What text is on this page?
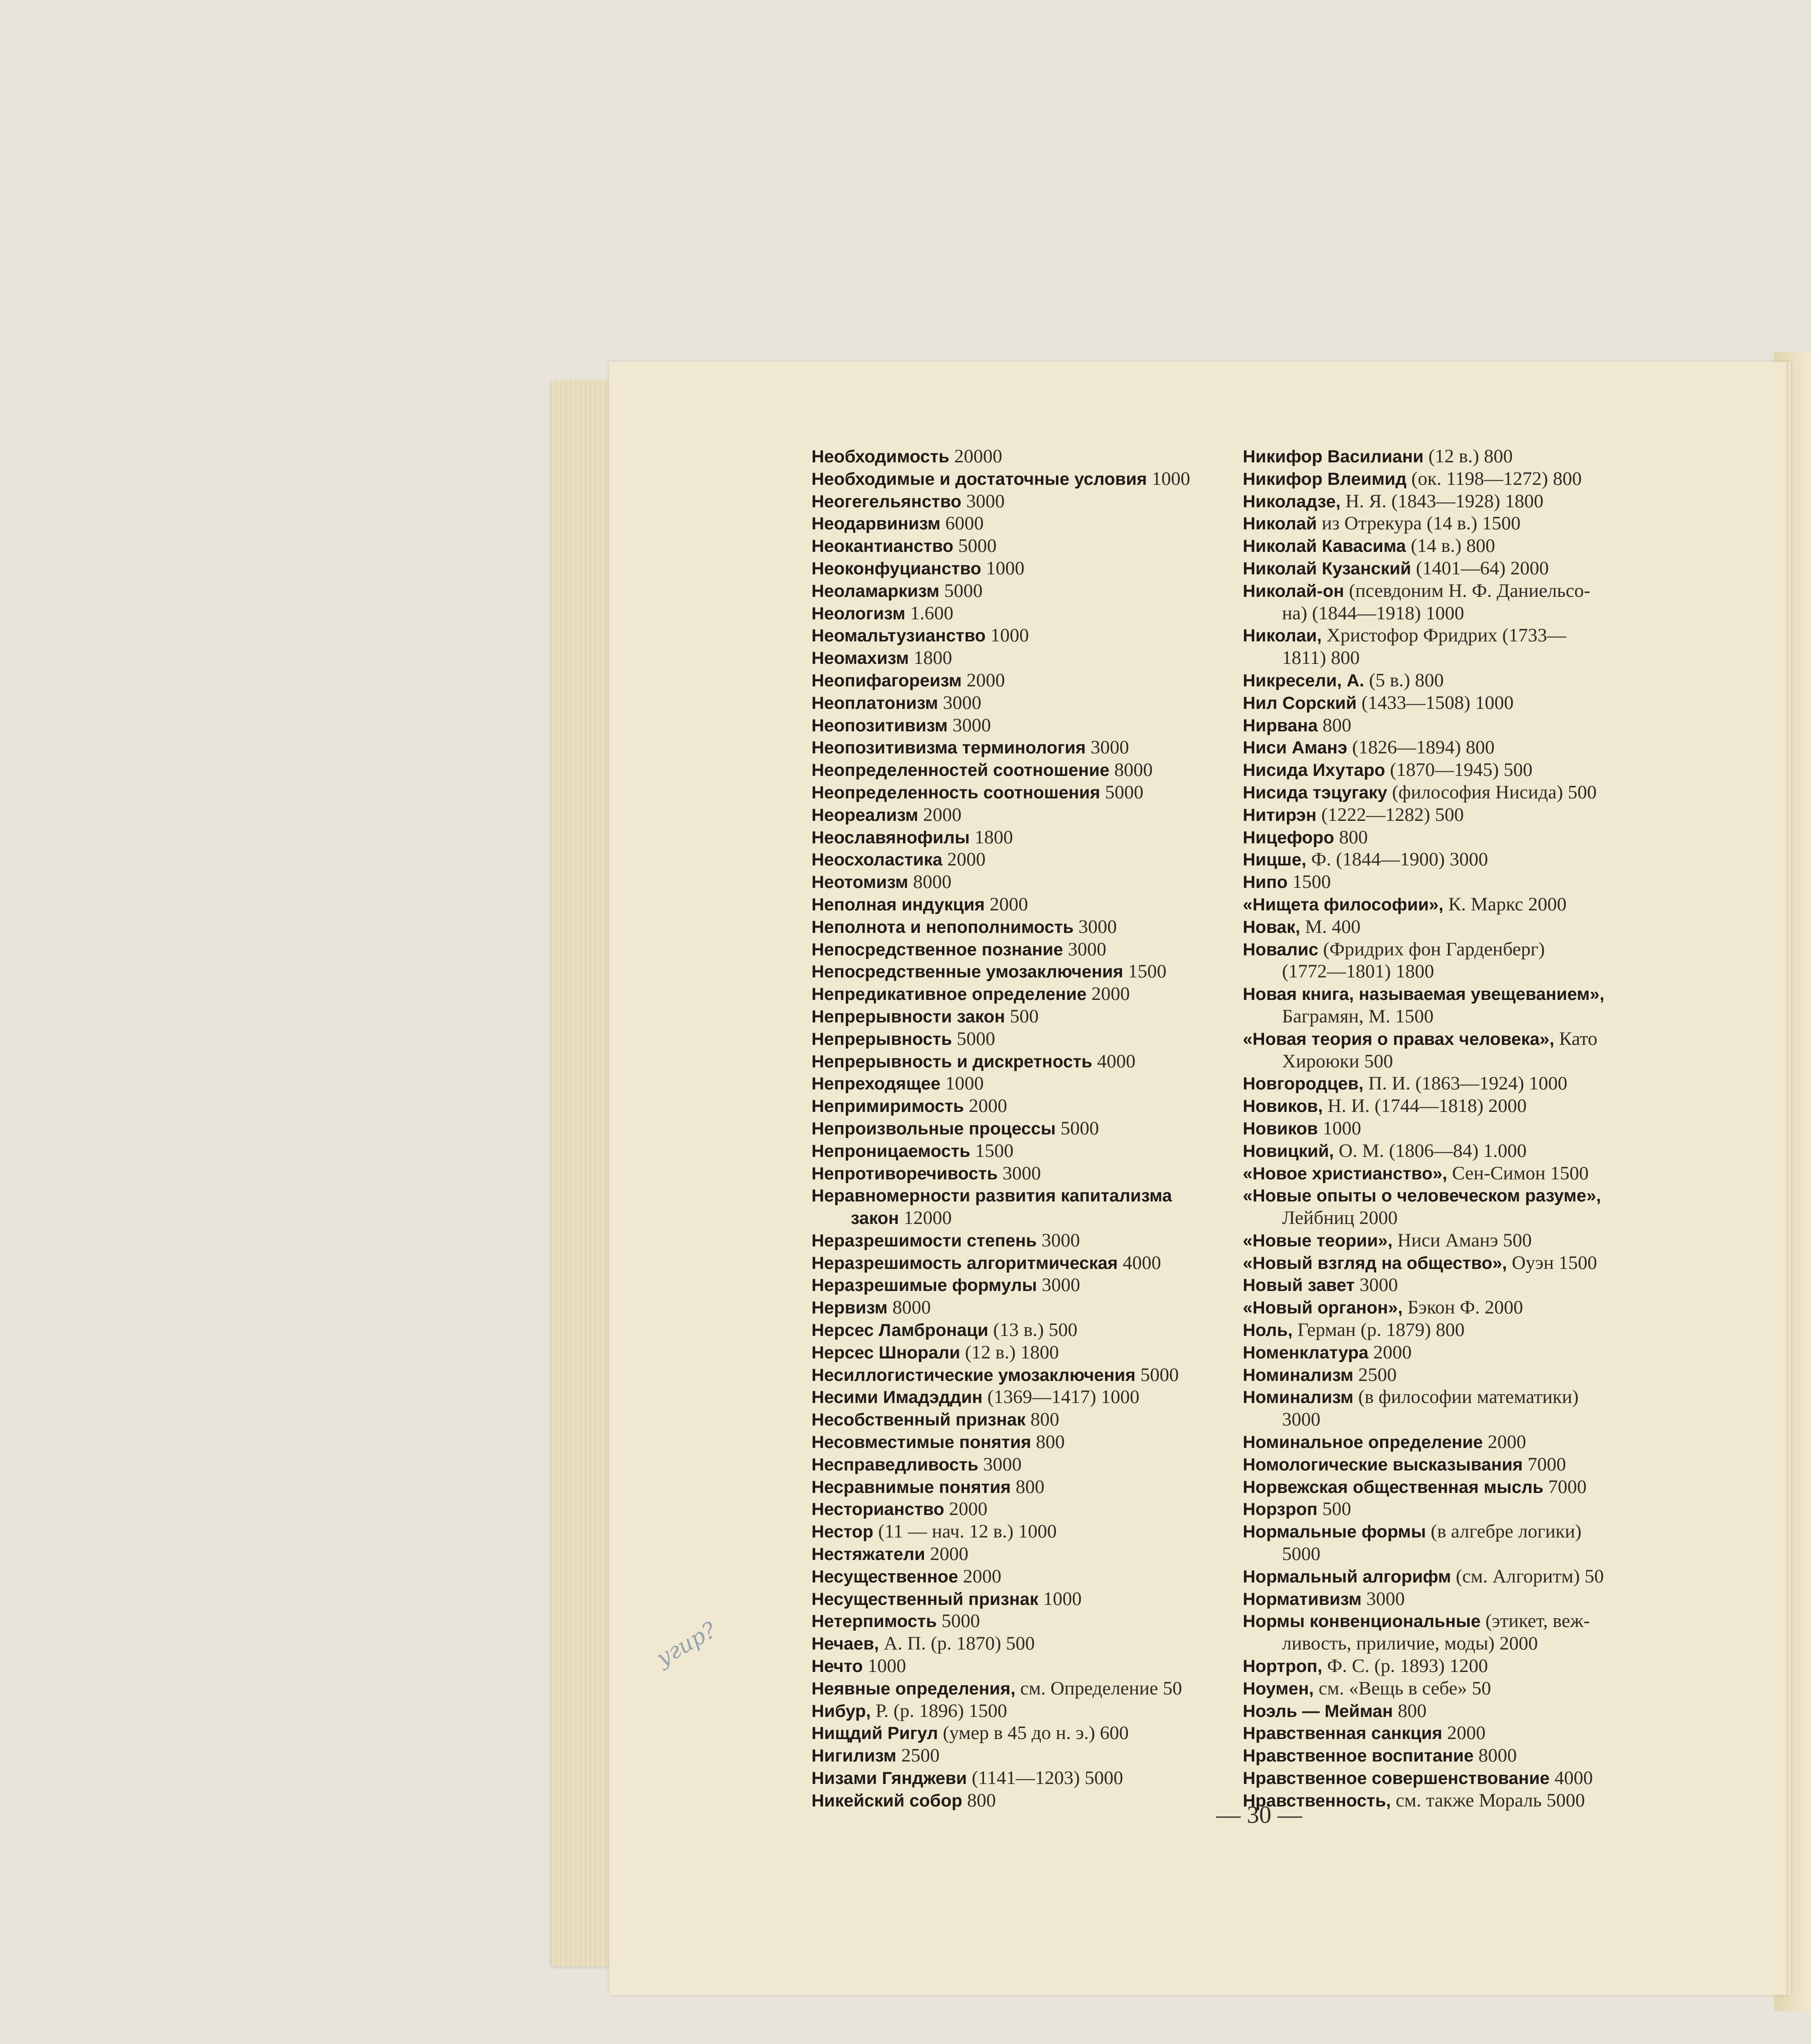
Необходимость 20000
Необходимые и достаточные условия 1000
Неогегельянство 3000
Неодарвинизм 6000
Неокантианство 5000
Неоконфуцианство 1000
Неоламаркизм 5000
Неологизм 1.600
Неомальтузианство 1000
Неомахизм 1800
Неопифагореизм 2000
Неоплатонизм 3000
Неопозитивизм 3000
Неопозитивизма терминология 3000
Неопределенностей соотношение 8000
Неопределенность соотношения 5000
Неореализм 2000
Неославянофилы 1800
Неосхоластика 2000
Неотомизм 8000
Неполная индукция 2000
Неполнота и непополнимость 3000
Непосредственное познание 3000
Непосредственные умозаключения 1500
Непредикативное определение 2000
Непрерывности закон 500
Непрерывность 5000
Непрерывность и дискретность 4000
Непреходящее 1000
Непримиримость 2000
Непроизвольные процессы 5000
Непроницаемость 1500
Непротиворечивость 3000
Неравномерности развития капитализма
закон 12000
Неразрешимости степень 3000
Неразрешимость алгоритмическая 4000
Неразрешимые формулы 3000
Нервизм 8000
Нерсес Ламбронаци (13 в.) 500
Нерсес Шнорали (12 в.) 1800
Несиллогистические умозаключения 5000
Несими Имадэддин (1369—1417) 1000
Несобственный признак 800
Несовместимые понятия 800
Несправедливость 3000
Несравнимые понятия 800
Несторианство 2000
Нестор (11 — нач. 12 в.) 1000
Нестяжатели 2000
Несущественное 2000
Несущественный признак 1000
Нетерпимость 5000
Нечаев, А. П. (р. 1870) 500
Нечто 1000
Неявные определения, см. Определение 50
Нибур, Р. (р. 1896) 1500
Нищдий Ригул (умер в 45 до н. э.) 600
Нигилизм 2500
Низами Гянджеви (1141—1203) 5000
Никейский собор 800
Никифор Василиани (12 в.) 800
Никифор Влеимид (ок. 1198—1272) 800
Николадзе, Н. Я. (1843—1928) 1800
Николай из Отрекура (14 в.) 1500
Николай Кавасима (14 в.) 800
Николай Кузанский (1401—64) 2000
Николай-он (псевдоним Н. Ф. Даниельсо-
на) (1844—1918) 1000
Николаи, Христофор Фридрих (1733—
1811) 800
Никресели, А. (5 в.) 800
Нил Сорский (1433—1508) 1000
Нирвана 800
Ниси Аманэ (1826—1894) 800
Нисида Ихутаро (1870—1945) 500
Нисида тэцугаку (философия Нисида) 500
Нитирэн (1222—1282) 500
Ницефоро 800
Ницше, Ф. (1844—1900) 3000
Нипо 1500
«Нищета философии», К. Маркс 2000
Новак, М. 400
Новалис (Фридрих фон Гарденберг)
(1772—1801) 1800
Новая книга, называемая увещеванием»,
Баграмян, М. 1500
«Новая теория о правах человека», Като
Хироюки 500
Новгородцев, П. И. (1863—1924) 1000
Новиков, Н. И. (1744—1818) 2000
Новиков 1000
Новицкий, О. М. (1806—84) 1.000
«Новое христианство», Сен-Симон 1500
«Новые опыты о человеческом разуме»,
Лейбниц 2000
«Новые теории», Ниси Аманэ 500
«Новый взгляд на общество», Оуэн 1500
Новый завет 3000
«Новый органон», Бэкон Ф. 2000
Ноль, Герман (р. 1879) 800
Номенклатура 2000
Номинализм 2500
Номинализм (в философии математики)
3000
Номинальное определение 2000
Номологические высказывания 7000
Норвежская общественная мысль 7000
Норзроп 500
Нормальные формы (в алгебре логики)
5000
Нормальный алгорифм (см. Алгоритм) 50
Нормативизм 3000
Нормы конвенциональные (этикет, веж-
ливость, приличие, моды) 2000
Нортроп, Ф. С. (р. 1893) 1200
Ноумен, см. «Вещь в себе» 50
Ноэль — Мейман 800
Нравственная санкция 2000
Нравственное воспитание 8000
Нравственное совершенствование 4000
Нравственность, см. также Мораль 5000
— 30 —
угир?
